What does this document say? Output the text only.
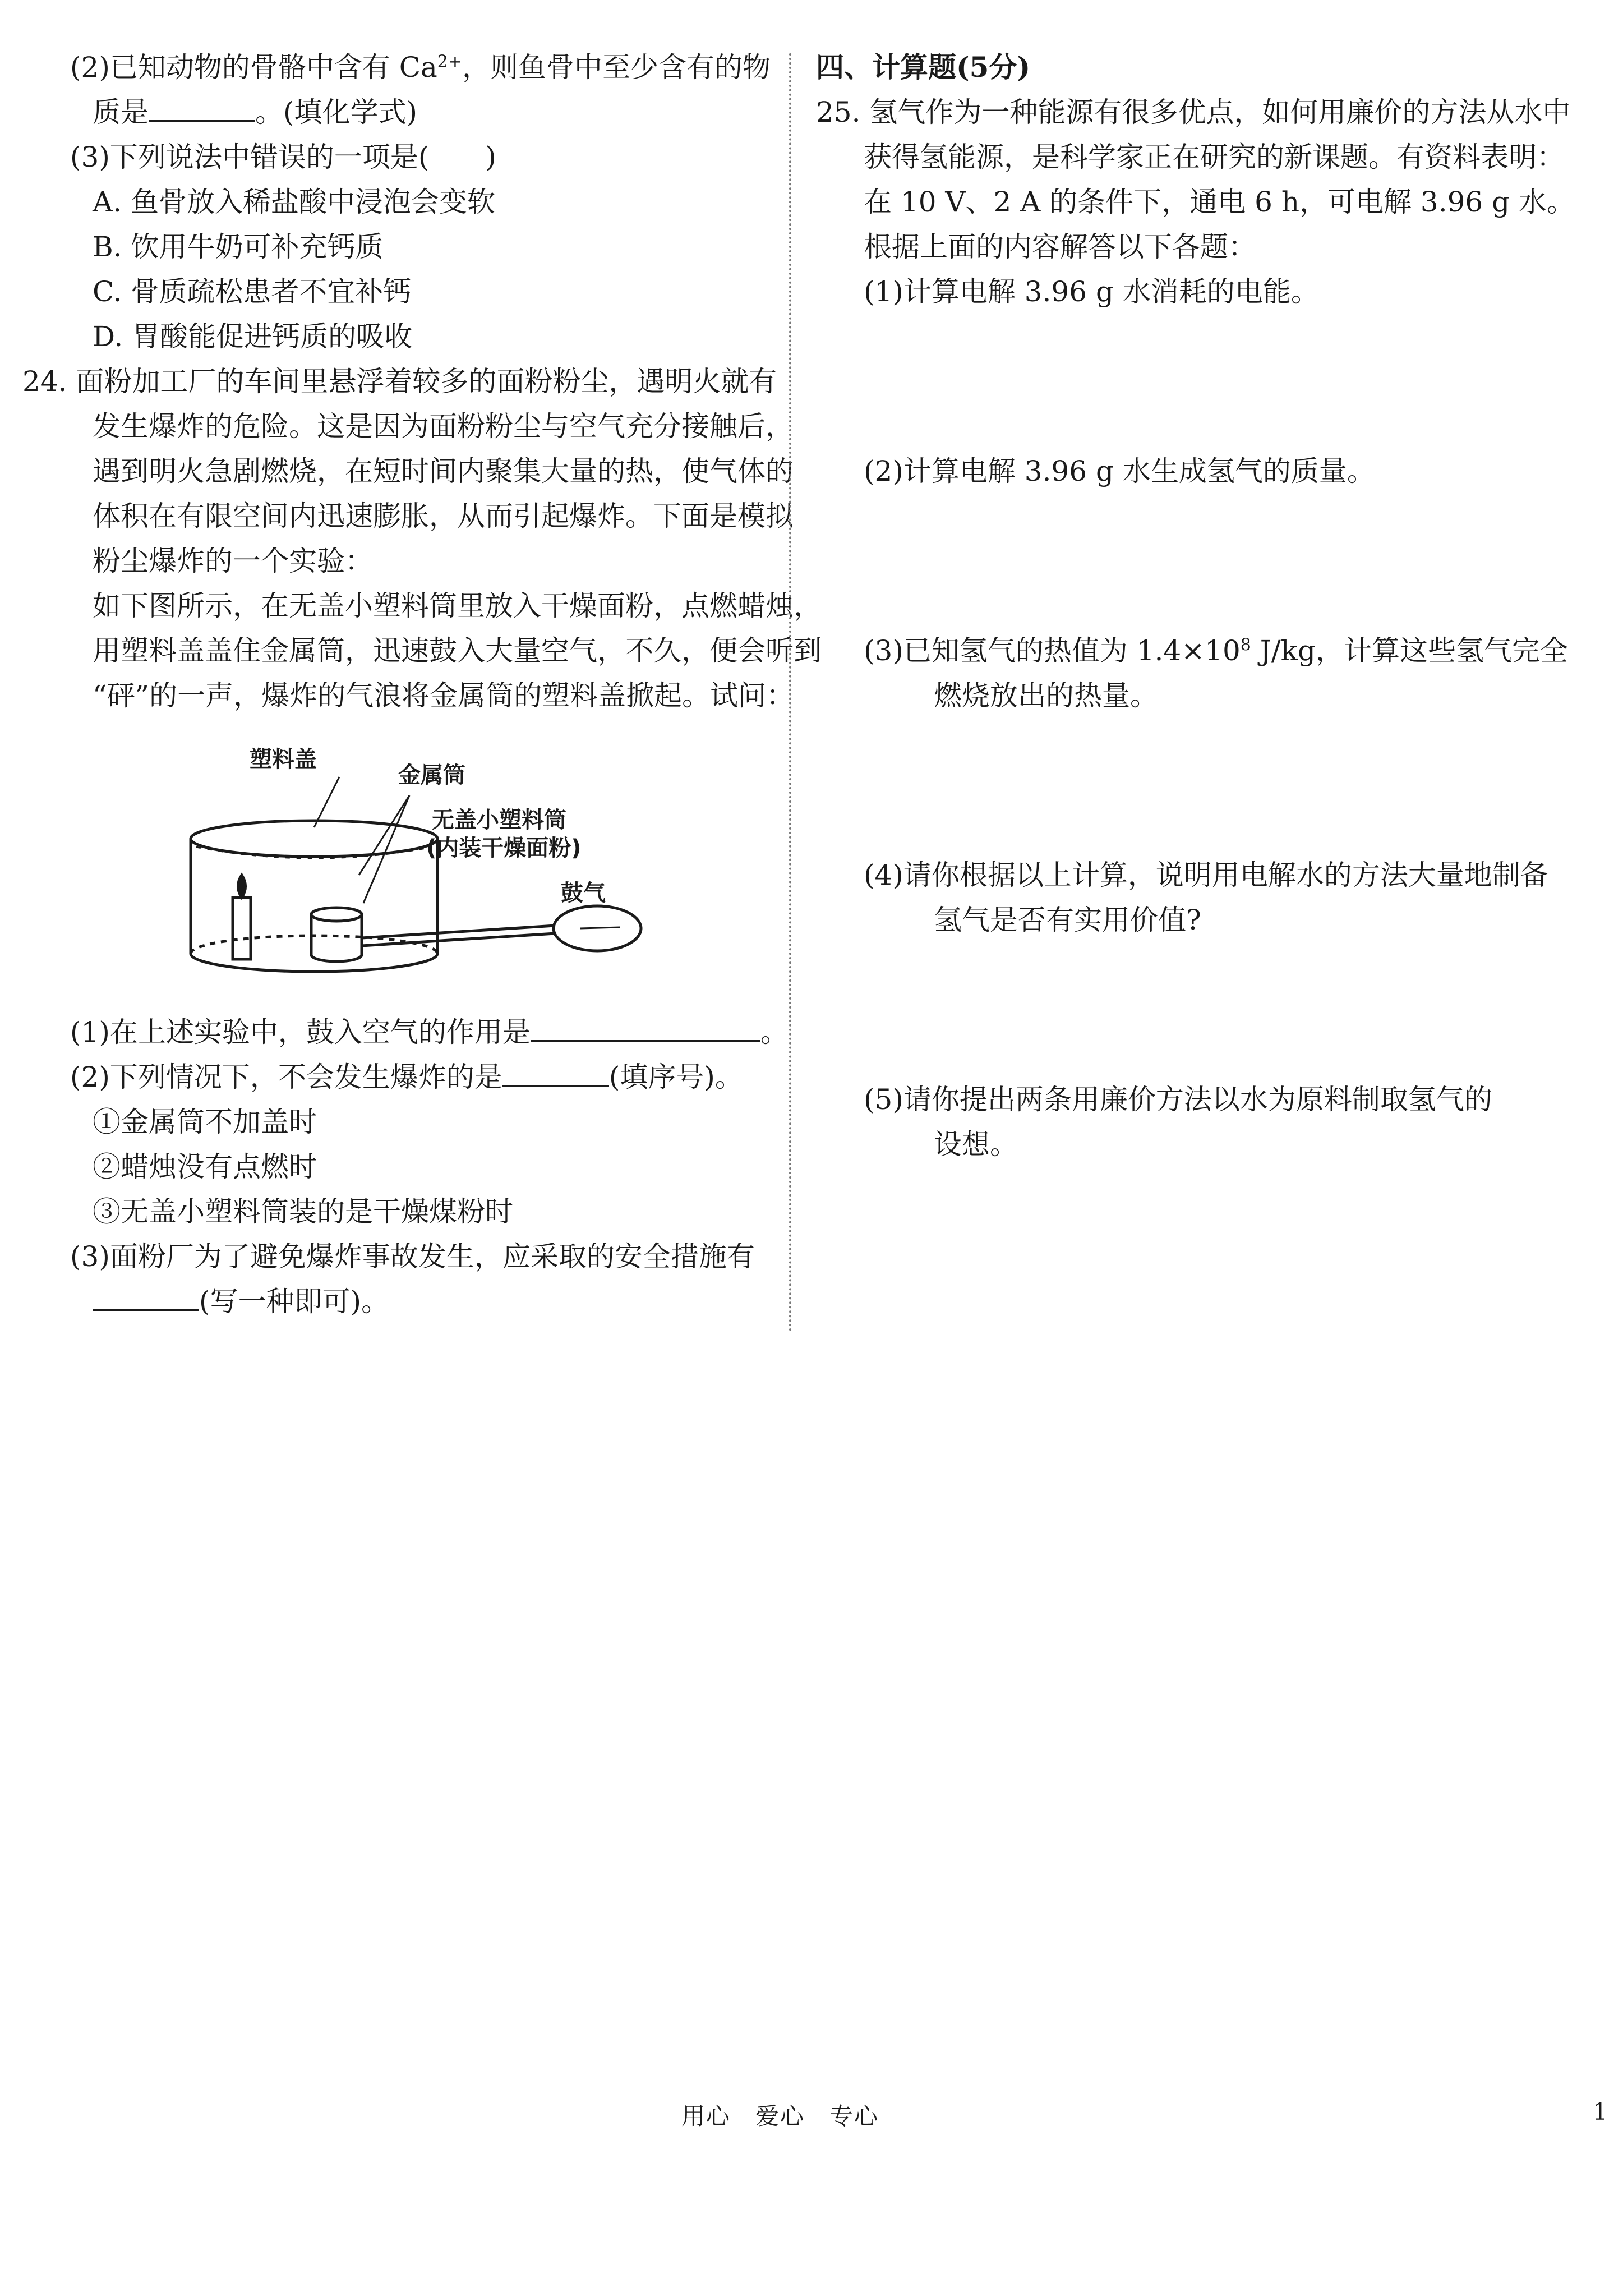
(2)已知动物的骨骼中含有 $Ca^{2+}$，则鱼骨中至少含有的物
质是	。(填化学式)
(3)下列说法中错误的一项是(　　)
A. 鱼骨放入稀盐酸中浸泡会变软
B. 饮用牛奶可补充钙质
C. 骨质疏松患者不宜补钙
D. 胃酸能促进钙质的吸收
24. 面粉加工厂的车间里悬浮着较多的面粉粉尘，遇明火就有
发生爆炸的危险。这是因为面粉粉尘与空气充分接触后，
遇到明火急剧燃烧，在短时间内聚集大量的热，使气体的
体积在有限空间内迅速膨胀，从而引起爆炸。下面是模拟
粉尘爆炸的一个实验：
如下图所示，在无盖小塑料筒里放入干燥面粉，点燃蜡烛，
用塑料盖盖住金属筒，迅速鼓入大量空气，不久，便会听到
“砰”的一声，爆炸的气浪将金属筒的塑料盖掀起。试问：
塑料盖
金属筒
无盖小塑料筒
(内装干燥面粉)
鼓气
(1)在上述实验中，鼓入空气的作用是	。
(2)下列情况下，不会发生爆炸的是	(填序号)。
①金属筒不加盖时
②蜡烛没有点燃时
③无盖小塑料筒装的是干燥煤粉时
(3)面粉厂为了避免爆炸事故发生，应采取的安全措施有
(写一种即可)。
四、计算题(5分)
25. 氢气作为一种能源有很多优点，如何用廉价的方法从水中
获得氢能源，是科学家正在研究的新课题。有资料表明：
在 10 V、2 A 的条件下，通电 6 h，可电解 3.96 g 水。
根据上面的内容解答以下各题：
(1)计算电解 3.96 g 水消耗的电能。
(2)计算电解 3.96 g 水生成氢气的质量。
(3)已知氢气的热值为 $1.4\times 10^8$ J/kg，计算这些氢气完全
燃烧放出的热量。
(4)请你根据以上计算，说明用电解水的方法大量地制备
氢气是否有实用价值?
(5)请你提出两条用廉价方法以水为原料制取氢气的
设想。
用心　爱心　专心	1
